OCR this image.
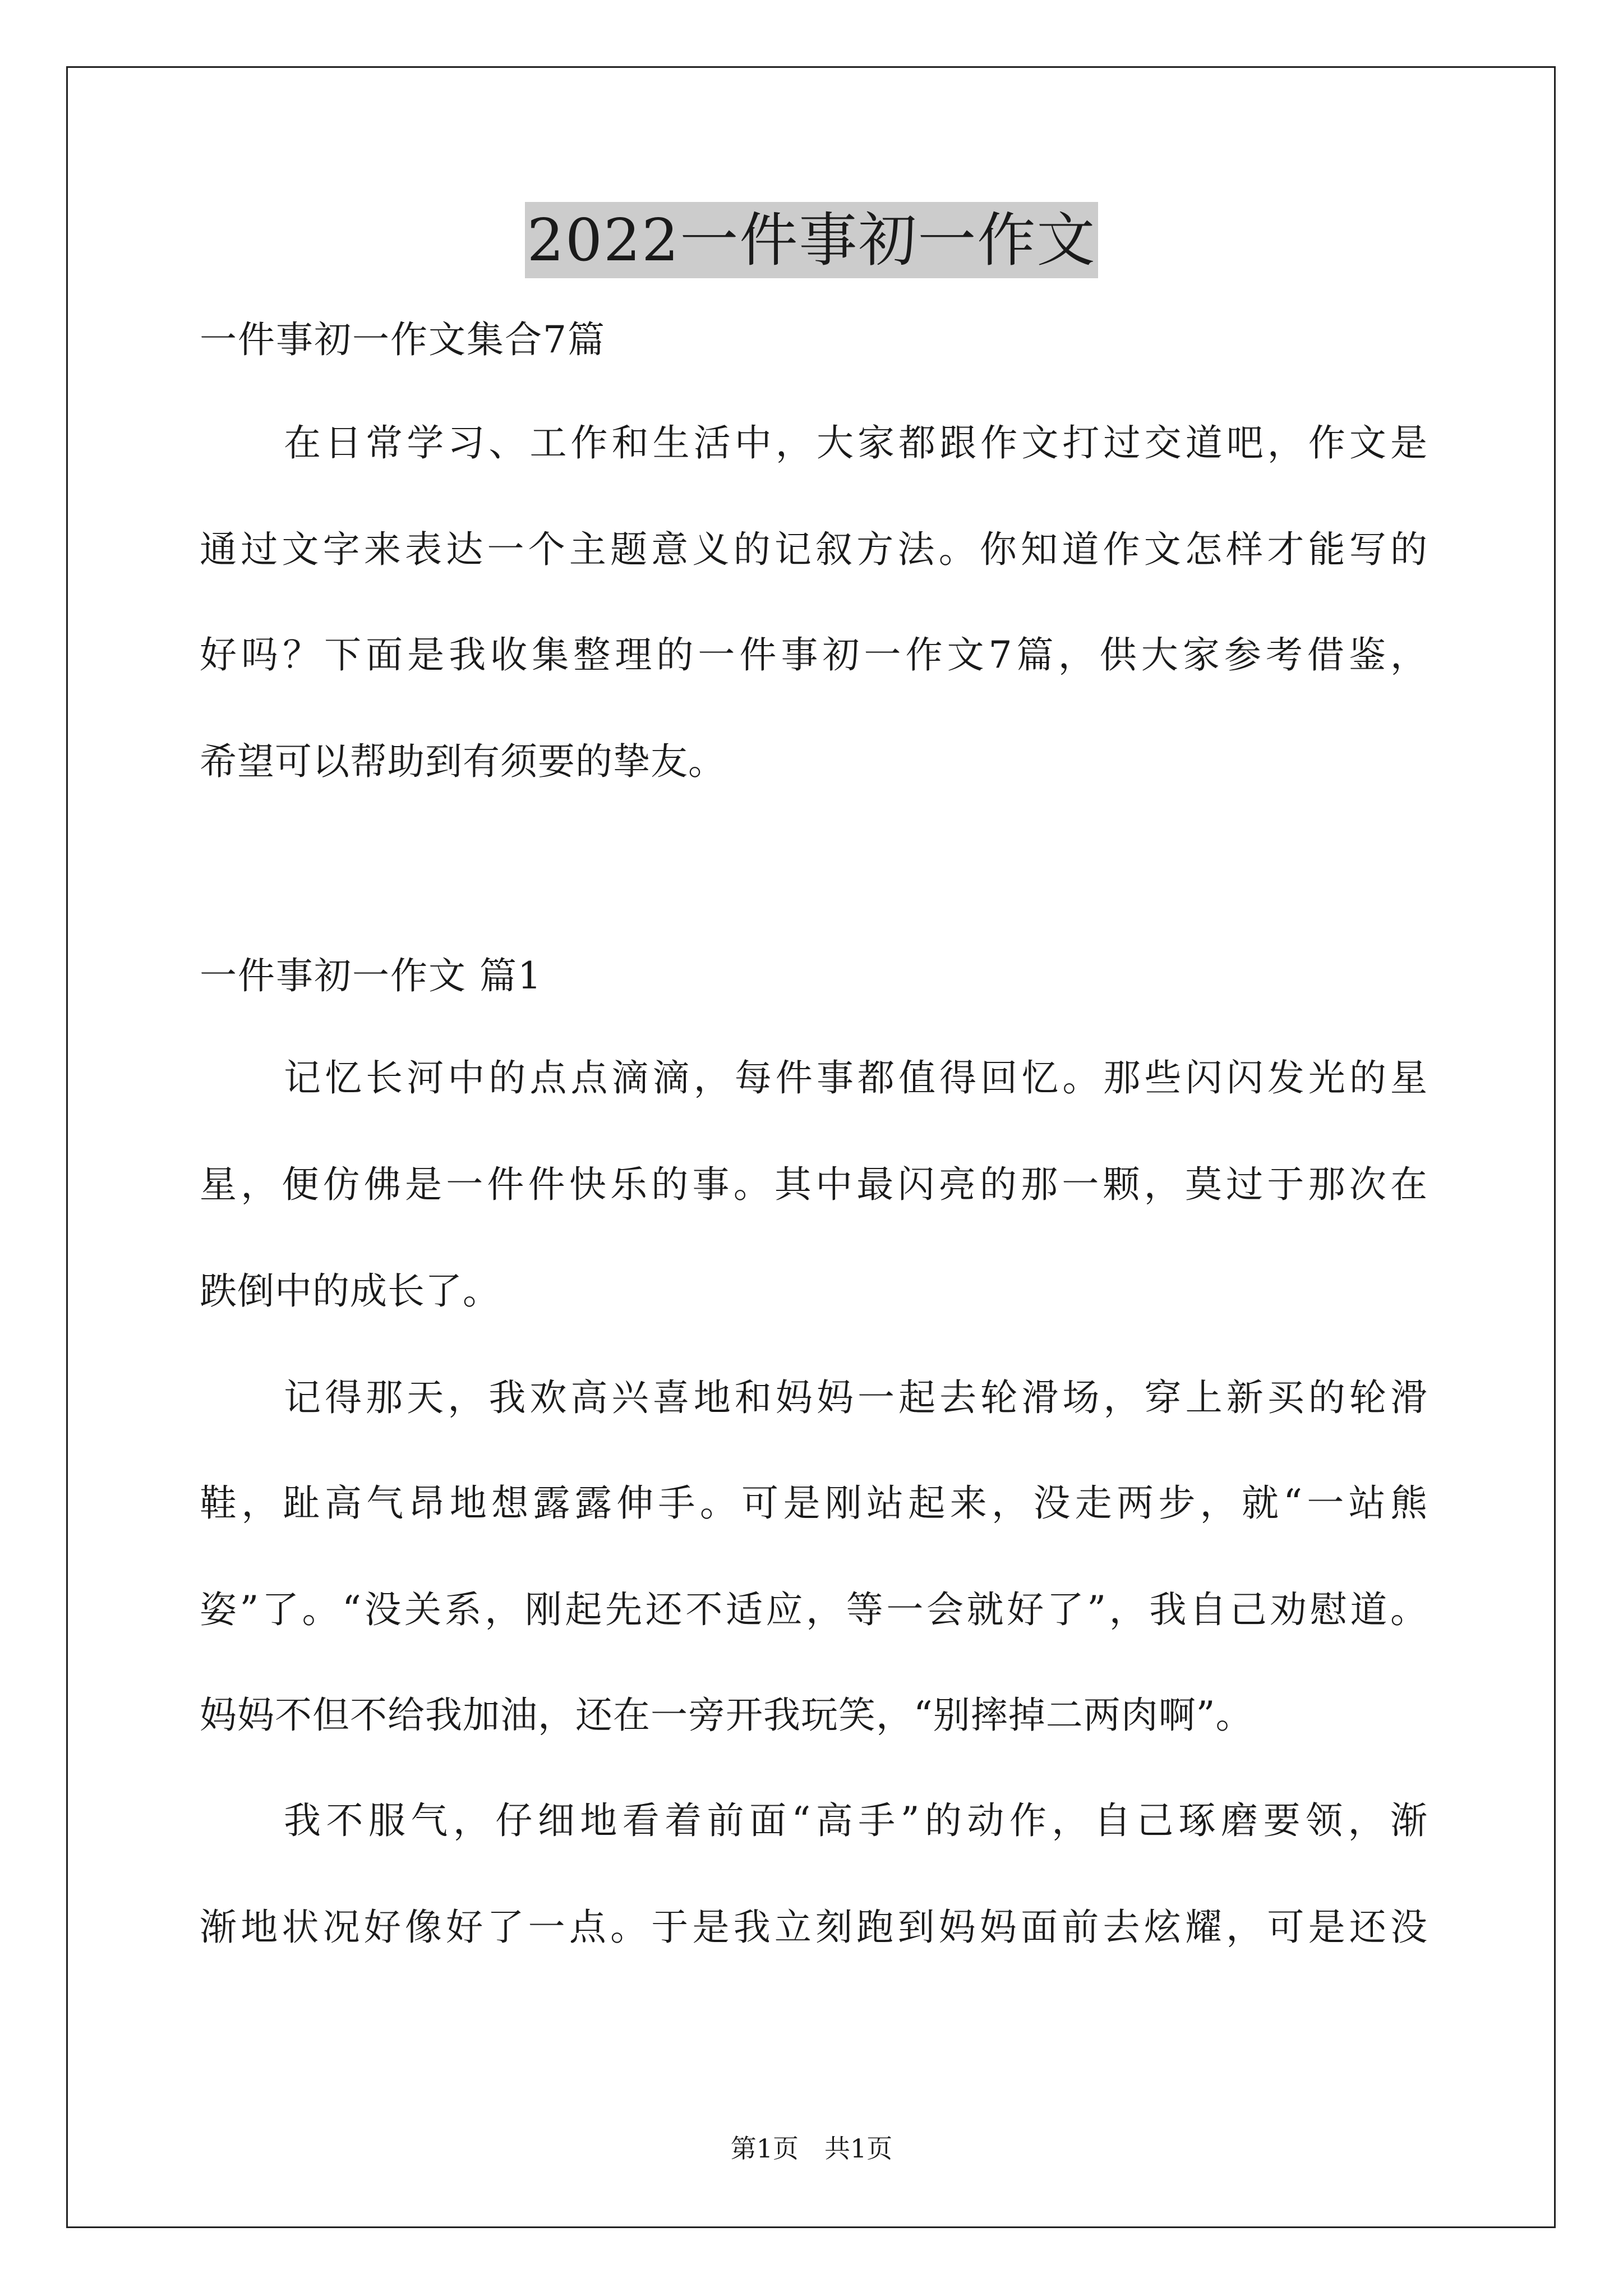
2022一件事初一作文
一件事初一作文集合7篇
在日常学习、工作和生活中，大家都跟作文打过交道吧，作文是
通过文字来表达一个主题意义的记叙方法。你知道作文怎样才能写的
好吗？下面是我收集整理的一件事初一作文7篇，供大家参考借鉴，
希望可以帮助到有须要的挚友。
一件事初一作文 篇1
记忆长河中的点点滴滴，每件事都值得回忆。那些闪闪发光的星
星，便仿佛是一件件快乐的事。其中最闪亮的那一颗，莫过于那次在
跌倒中的成长了。
记得那天，我欢高兴喜地和妈妈一起去轮滑场，穿上新买的轮滑
鞋，趾高气昂地想露露伸手。可是刚站起来，没走两步，就“一站熊
姿”了。“没关系，刚起先还不适应，等一会就好了”，我自己劝慰道。
妈妈不但不给我加油，还在一旁开我玩笑，“别摔掉二两肉啊”。
我不服气，仔细地看着前面“高手”的动作，自己琢磨要领，渐
渐地状况好像好了一点。于是我立刻跑到妈妈面前去炫耀，可是还没
第1页　共1页
